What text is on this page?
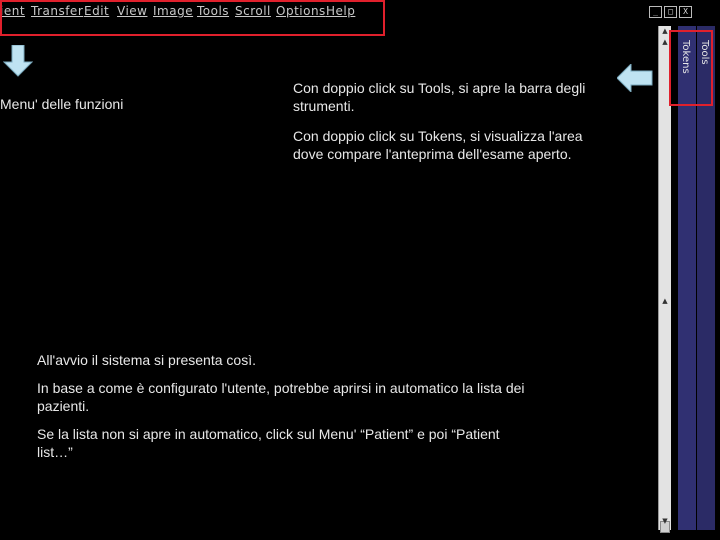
ient Transfer Edit View Image Tools Scroll Options Help	_	□	X
Menu' delle funzioni

Con doppio click su Tools, si apre la barra degli strumenti.

Con doppio click su Tokens, si visualizza l'area dove compare l'anteprima dell'esame aperto.

▲
▲
▲
▼
Tokens Tools

All'avvio il sistema si presenta così.

In base a come è configurato l'utente, potrebbe aprirsi in automatico la lista dei pazienti.

Se la lista non si apre in automatico, click sul Menu' “Patient” e poi “Patient list…”
